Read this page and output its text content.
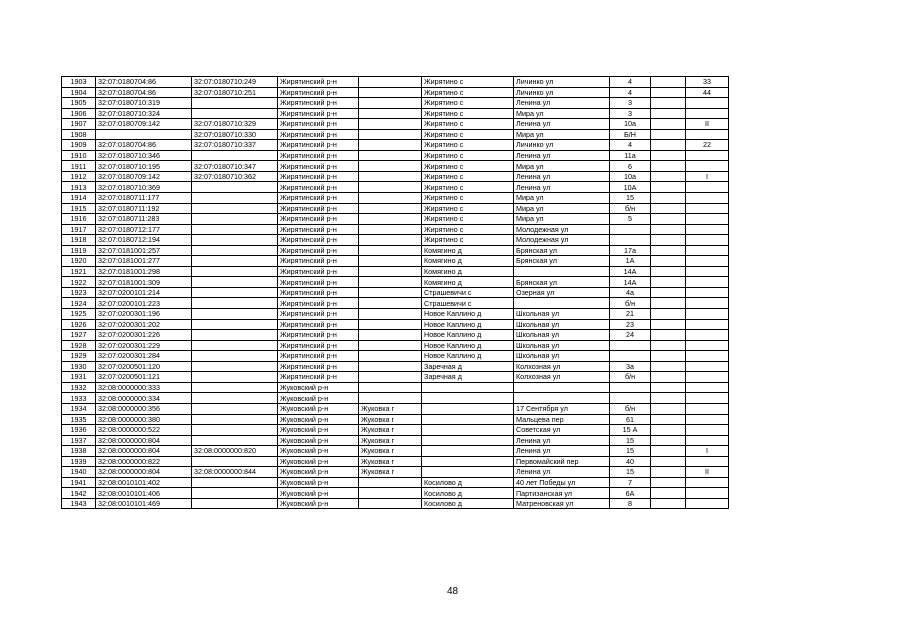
1903	32:07:0180704:86	32:07:0180710:249	Жирятинский р-н		Жирятино с	Личинко ул	4		33
1904	32:07:0180704:86	32:07:0180710:251	Жирятинский р-н		Жирятино с	Личинко ул	4		44
1905	32:07:0180710:319		Жирятинский р-н		Жирятино с	Ленина ул	3		
1906	32:07:0180710:324		Жирятинский р-н		Жирятино с	Мира ул	3		
1907	32:07:0180709:142	32:07:0180710:329	Жирятинский р-н		Жирятино с	Ленина ул	10а		II
1908		32:07:0180710:330	Жирятинский р-н		Жирятино с	Мира ул	Б/Н		
1909	32:07:0180704:86	32:07:0180710:337	Жирятинский р-н		Жирятино с	Личинко ул	4		22
1910	32:07:0180710:346		Жирятинский р-н		Жирятино с	Ленина ул	11а		
1911	32:07:0180710:195	32:07:0180710:347	Жирятинский р-н		Жирятино с	Мира ул	6		
1912	32:07:0180709:142	32:07:0180710:362	Жирятинский р-н		Жирятино с	Ленина ул	10а		I
1913	32:07:0180710:369		Жирятинский р-н		Жирятино с	Ленина ул	10А		
1914	32:07:0180711:177		Жирятинский р-н		Жирятино с	Мира ул	15		
1915	32:07:0180711:192		Жирятинский р-н		Жирятино с	Мира ул	б/н		
1916	32:07:0180711:283		Жирятинский р-н		Жирятино с	Мира ул	5		
1917	32:07:0180712:177		Жирятинский р-н		Жирятино с	Молодежная ул			
1918	32:07:0180712:194		Жирятинский р-н		Жирятино с	Молодежная ул			
1919	32:07:0181001:257		Жирятинский р-н		Комягино д	Брянская ул	17а		
1920	32:07:0181001:277		Жирятинский р-н		Комягино д	Брянская ул	1А		
1921	32:07:0181001:298		Жирятинский р-н		Комягино д		14А		
1922	32:07:0181001:309		Жирятинский р-н		Комягино д	Брянская ул	14А		
1923	32:07:0200101:214		Жирятинский р-н		Страшевичи с	Озерная ул	4а		
1924	32:07:0200101:223		Жирятинский р-н		Страшевичи с		б/н		
1925	32:07:0200301:196		Жирятинский р-н		Новое Каплино д	Школьная ул	21		
1926	32:07:0200301:202		Жирятинский р-н		Новое Каплино д	Школьная ул	23		
1927	32:07:0200301:226		Жирятинский р-н		Новое Каплино д	Школьная ул	24		
1928	32:07:0200301:229		Жирятинский р-н		Новое Каплино д	Школьная ул			
1929	32:07:0200301:284		Жирятинский р-н		Новое Каплино д	Школьная ул			
1930	32:07:0200501:120		Жирятинский р-н		Заречная д	Колхозная ул	3а		
1931	32:07:0200501:121		Жирятинский р-н		Заречная д	Колхозная ул	б/н		
1932	32:08:0000000:333		Жуковский р-н						
1933	32:08:0000000:334		Жуковский р-н						
1934	32:08:0000000:356		Жуковский р-н	Жуковка г		17 Сентября ул	б/н		
1935	32:08:0000000:380		Жуковский р-н	Жуковка г		Мальцева пер	61		
1936	32:08:0000000:522		Жуковский р-н	Жуковка г		Советская ул	15 А		
1937	32:08:0000000:804		Жуковский р-н	Жуковка г		Ленина ул	15		
1938	32:08:0000000:804	32:08:0000000:820	Жуковский р-н	Жуковка г		Ленина ул	15		I
1939	32:08:0000000:822		Жуковский р-н	Жуковка г		Первомайский пер	40		
1940	32:08:0000000:804	32:08:0000000:844	Жуковский р-н	Жуковка г		Ленина ул	15		II
1941	32:08:0010101:402		Жуковский р-н		Косилово д	40 лет Победы ул	7		
1942	32:08:0010101:406		Жуковский р-н		Косилово д	Партизанская ул	6А		
1943	32:08:0010101:469		Жуковский р-н		Косилово д	Матреновская ул	8		
48
